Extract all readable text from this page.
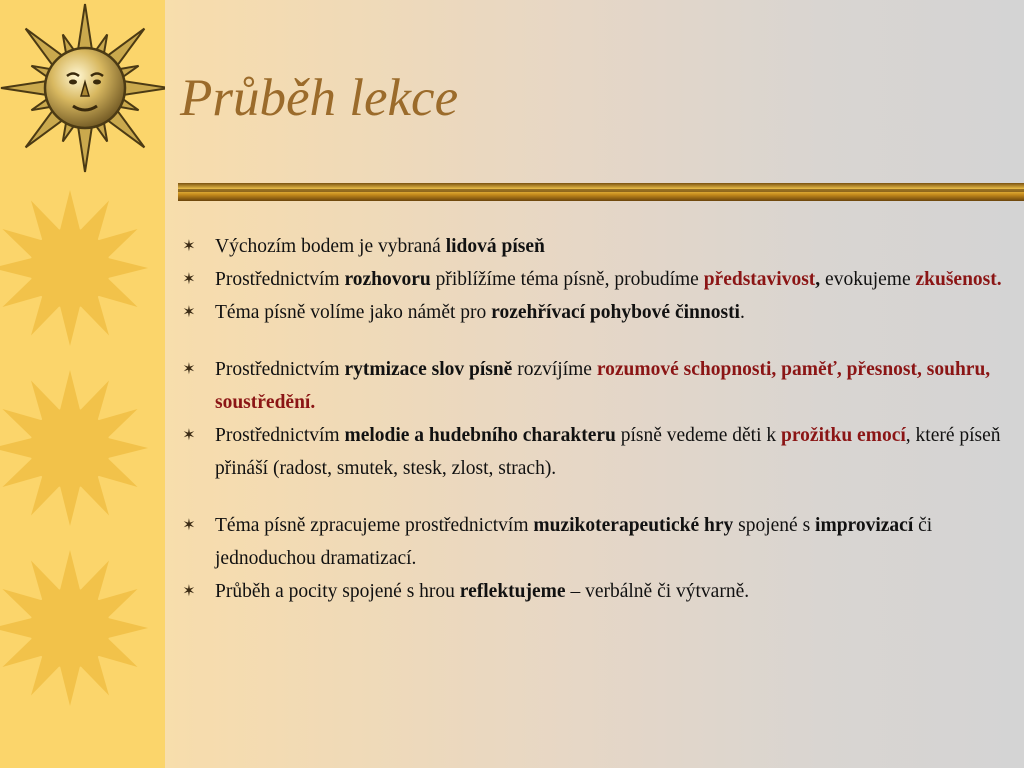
Průběh lekce
✶ Výchozím bodem je vybraná lidová píseň
✶ Prostřednictvím rozhovoru přiblížíme téma písně, probudíme představivost, evokujeme zkušenost.
✶ Téma písně volíme jako námět pro rozehřívací pohybové činnosti.
✶ Prostřednictvím rytmizace slov písně rozvíjíme rozumové schopnosti, paměť, přesnost, souhru, soustředění.
✶ Prostřednictvím melodie a hudebního charakteru písně vedeme děti k prožitku emocí, které píseň přináší (radost, smutek, stesk, zlost, strach).
✶ Téma písně zpracujeme prostřednictvím muzikoterapeutické hry spojené s improvizací či jednoduchou dramatizací.
✶ Průběh a pocity spojené s hrou reflektujeme – verbálně či výtvarně.
